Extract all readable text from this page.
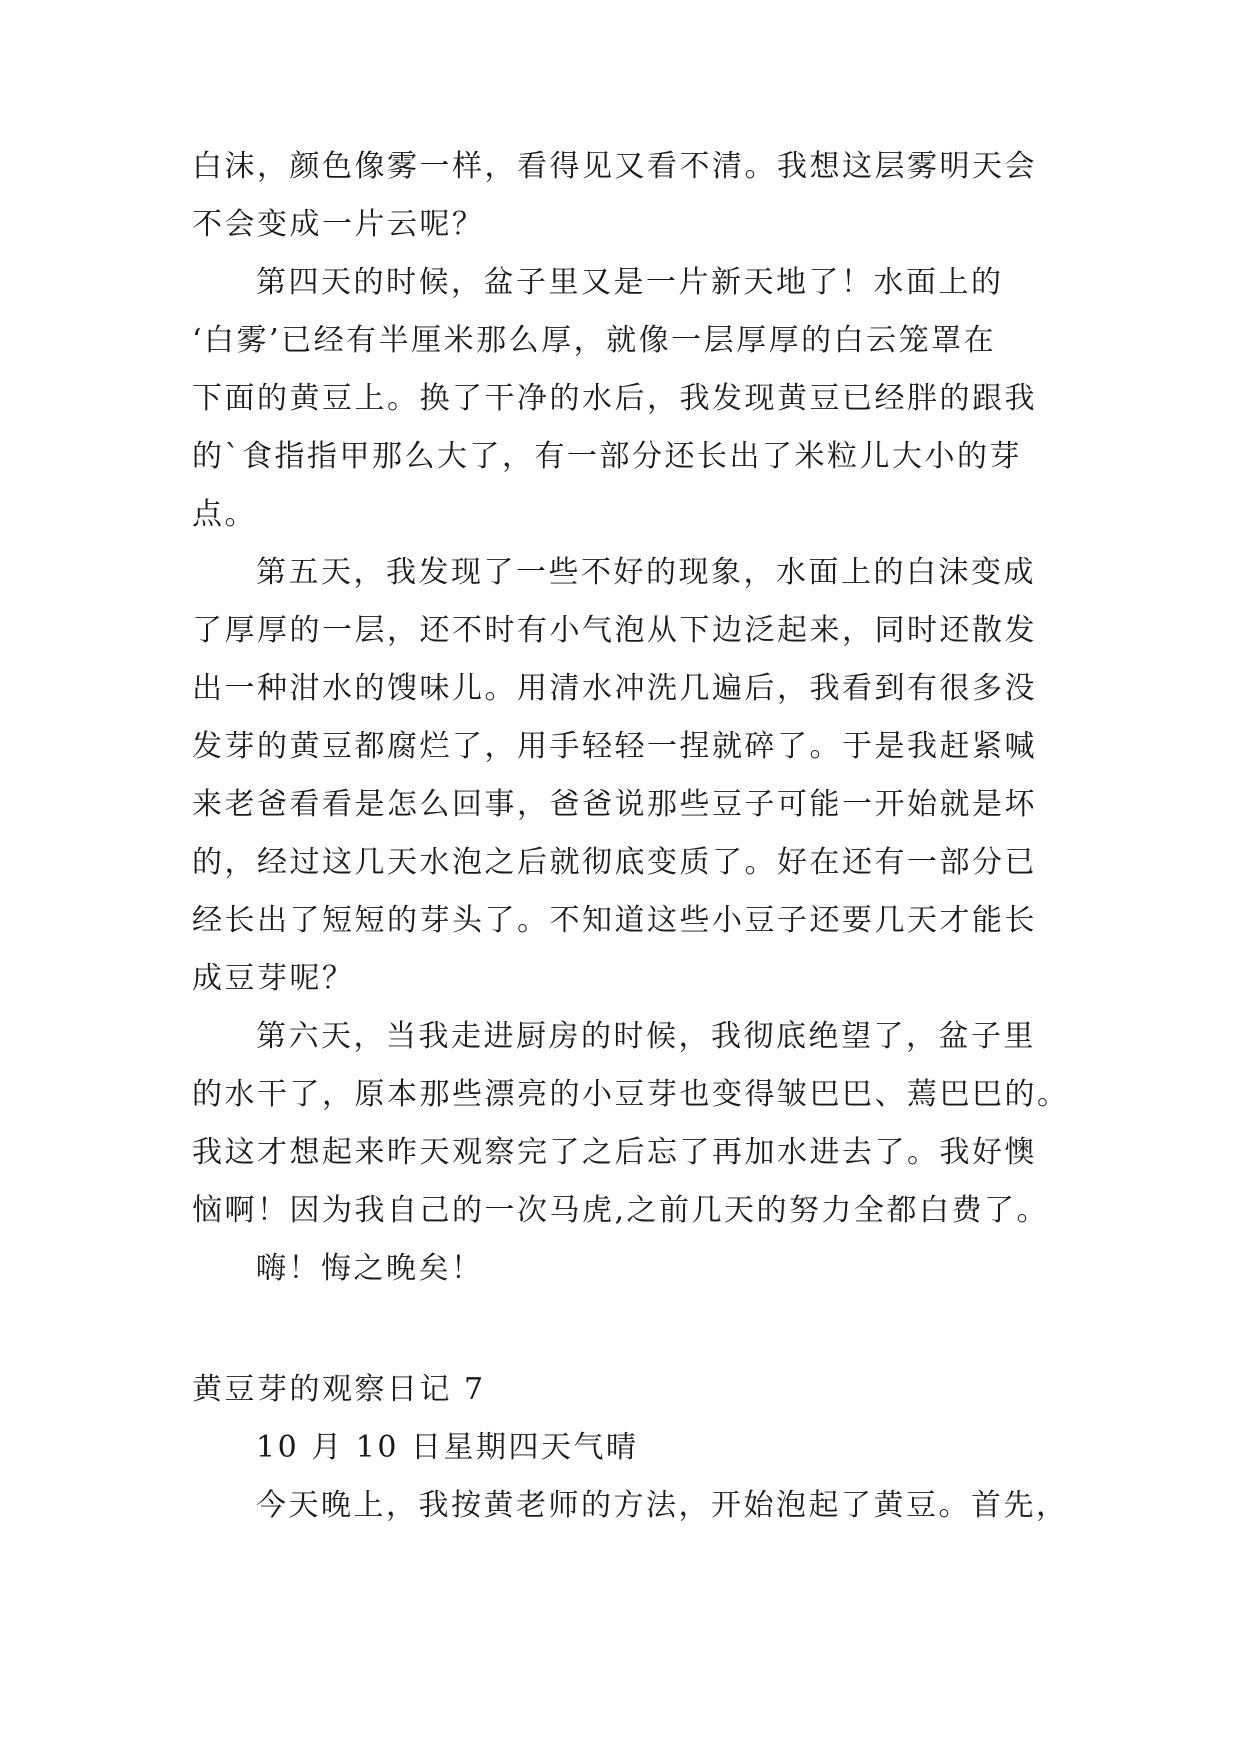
白沫，颜色像雾一样，看得见又看不清。我想这层雾明天会
不会变成一片云呢？
第四天的时候，盆子里又是一片新天地了！水面上的
‘白雾’已经有半厘米那么厚，就像一层厚厚的白云笼罩在
下面的黄豆上。换了干净的水后，我发现黄豆已经胖的跟我
的`食指指甲那么大了，有一部分还长出了米粒儿大小的芽
点。
第五天，我发现了一些不好的现象，水面上的白沫变成
了厚厚的一层，还不时有小气泡从下边泛起来，同时还散发
出一种泔水的馊味儿。用清水冲洗几遍后，我看到有很多没
发芽的黄豆都腐烂了，用手轻轻一捏就碎了。于是我赶紧喊
来老爸看看是怎么回事，爸爸说那些豆子可能一开始就是坏
的，经过这几天水泡之后就彻底变质了。好在还有一部分已
经长出了短短的芽头了。不知道这些小豆子还要几天才能长
成豆芽呢？
第六天，当我走进厨房的时候，我彻底绝望了，盆子里
的水干了，原本那些漂亮的小豆芽也变得皱巴巴、蔫巴巴的。
我这才想起来昨天观察完了之后忘了再加水进去了。我好懊
恼啊！因为我自己的一次马虎,之前几天的努力全都白费了。
嗨！悔之晚矣！
黄豆芽的观察日记 7
10 月 10 日星期四天气晴
今天晚上，我按黄老师的方法，开始泡起了黄豆。首先，
